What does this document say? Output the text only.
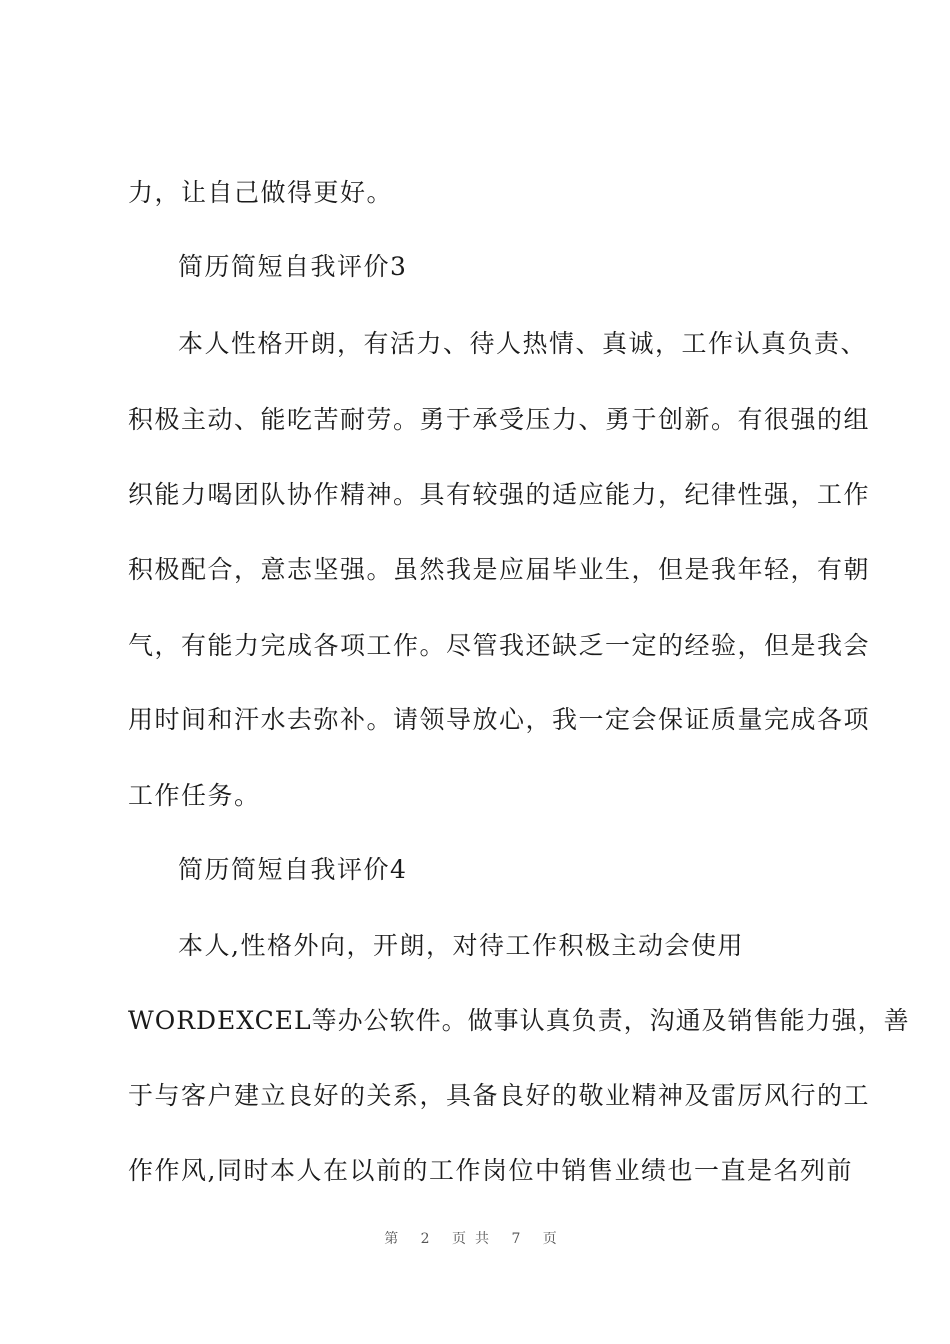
力，让自己做得更好。
简历简短自我评价3
本人性格开朗，有活力、待人热情、真诚，工作认真负责、
积极主动、能吃苦耐劳。勇于承受压力、勇于创新。有很强的组
织能力喝团队协作精神。具有较强的适应能力，纪律性强，工作
积极配合，意志坚强。虽然我是应届毕业生，但是我年轻，有朝
气，有能力完成各项工作。尽管我还缺乏一定的经验，但是我会
用时间和汗水去弥补。请领导放心，我一定会保证质量完成各项
工作任务。
简历简短自我评价4
本人,性格外向，开朗，对待工作积极主动会使用
WORDEXCEL等办公软件。做事认真负责，沟通及销售能力强，善
于与客户建立良好的关系，具备良好的敬业精神及雷厉风行的工
作作风,同时本人在以前的工作岗位中销售业绩也一直是名列前
第 2 页共 7 页
